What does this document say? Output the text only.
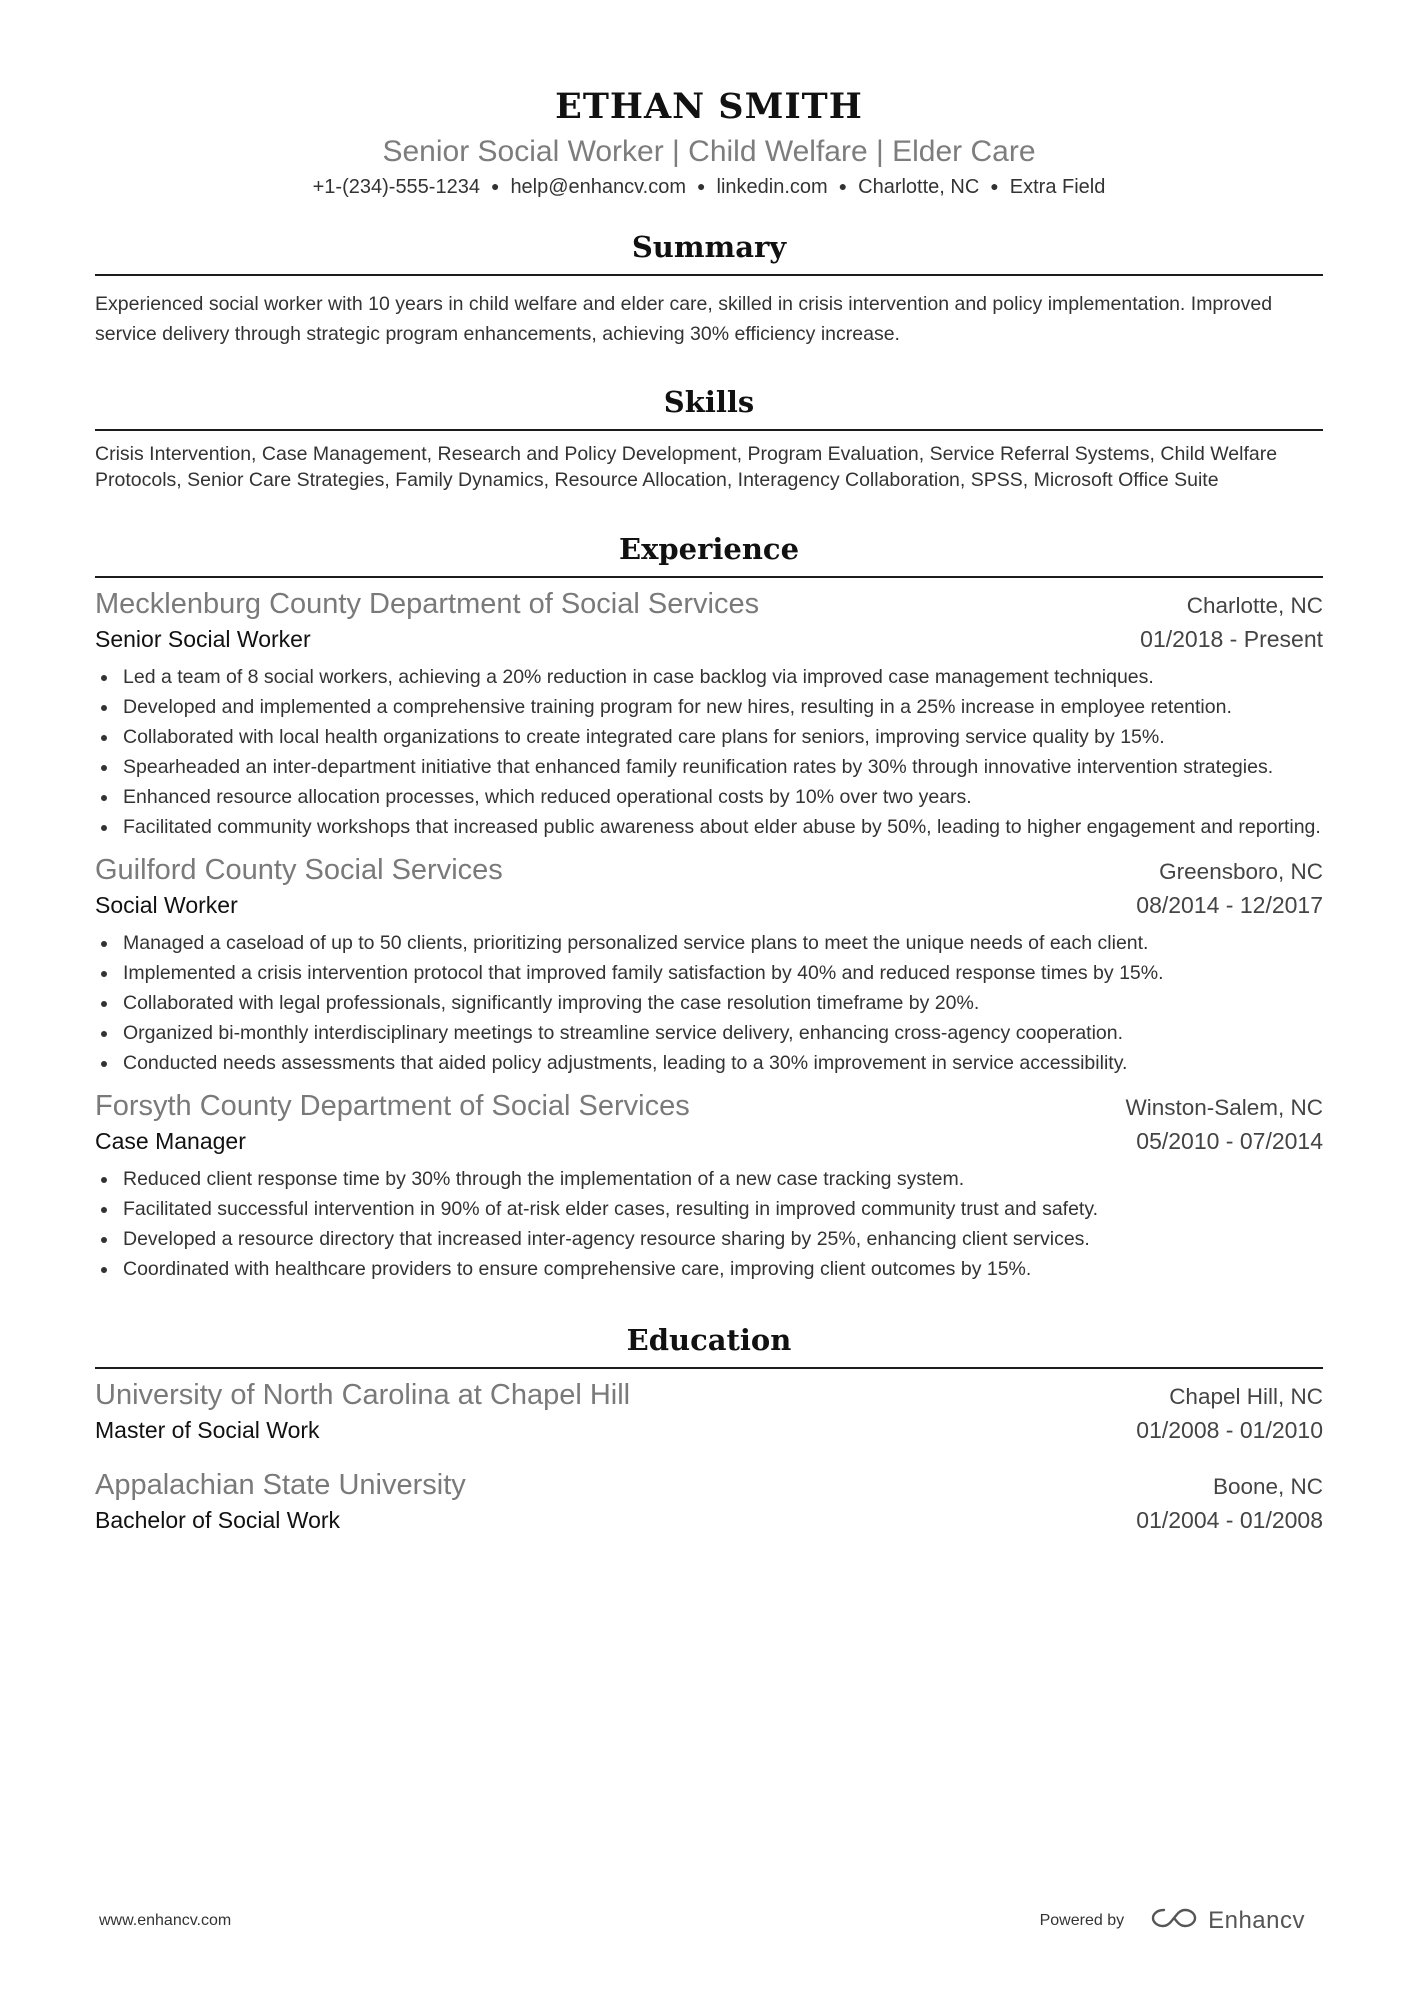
ETHAN SMITH
Senior Social Worker | Child Welfare | Elder Care
+1-(234)-555-1234 ● help@enhancv.com ● linkedin.com ● Charlotte, NC ● Extra Field
Summary
Experienced social worker with 10 years in child welfare and elder care, skilled in crisis intervention and policy implementation. Improved service delivery through strategic program enhancements, achieving 30% efficiency increase.
Skills
Crisis Intervention, Case Management, Research and Policy Development, Program Evaluation, Service Referral Systems, Child Welfare Protocols, Senior Care Strategies, Family Dynamics, Resource Allocation, Interagency Collaboration, SPSS, Microsoft Office Suite
Experience
Mecklenburg County Department of Social Services	Charlotte, NC
Senior Social Worker	01/2018 - Present
Led a team of 8 social workers, achieving a 20% reduction in case backlog via improved case management techniques.
Developed and implemented a comprehensive training program for new hires, resulting in a 25% increase in employee retention.
Collaborated with local health organizations to create integrated care plans for seniors, improving service quality by 15%.
Spearheaded an inter-department initiative that enhanced family reunification rates by 30% through innovative intervention strategies.
Enhanced resource allocation processes, which reduced operational costs by 10% over two years.
Facilitated community workshops that increased public awareness about elder abuse by 50%, leading to higher engagement and reporting.
Guilford County Social Services	Greensboro, NC
Social Worker	08/2014 - 12/2017
Managed a caseload of up to 50 clients, prioritizing personalized service plans to meet the unique needs of each client.
Implemented a crisis intervention protocol that improved family satisfaction by 40% and reduced response times by 15%.
Collaborated with legal professionals, significantly improving the case resolution timeframe by 20%.
Organized bi-monthly interdisciplinary meetings to streamline service delivery, enhancing cross-agency cooperation.
Conducted needs assessments that aided policy adjustments, leading to a 30% improvement in service accessibility.
Forsyth County Department of Social Services	Winston-Salem, NC
Case Manager	05/2010 - 07/2014
Reduced client response time by 30% through the implementation of a new case tracking system.
Facilitated successful intervention in 90% of at-risk elder cases, resulting in improved community trust and safety.
Developed a resource directory that increased inter-agency resource sharing by 25%, enhancing client services.
Coordinated with healthcare providers to ensure comprehensive care, improving client outcomes by 15%.
Education
University of North Carolina at Chapel Hill	Chapel Hill, NC
Master of Social Work	01/2008 - 01/2010
Appalachian State University	Boone, NC
Bachelor of Social Work	01/2004 - 01/2008
www.enhancv.com	Powered by	Enhancv
